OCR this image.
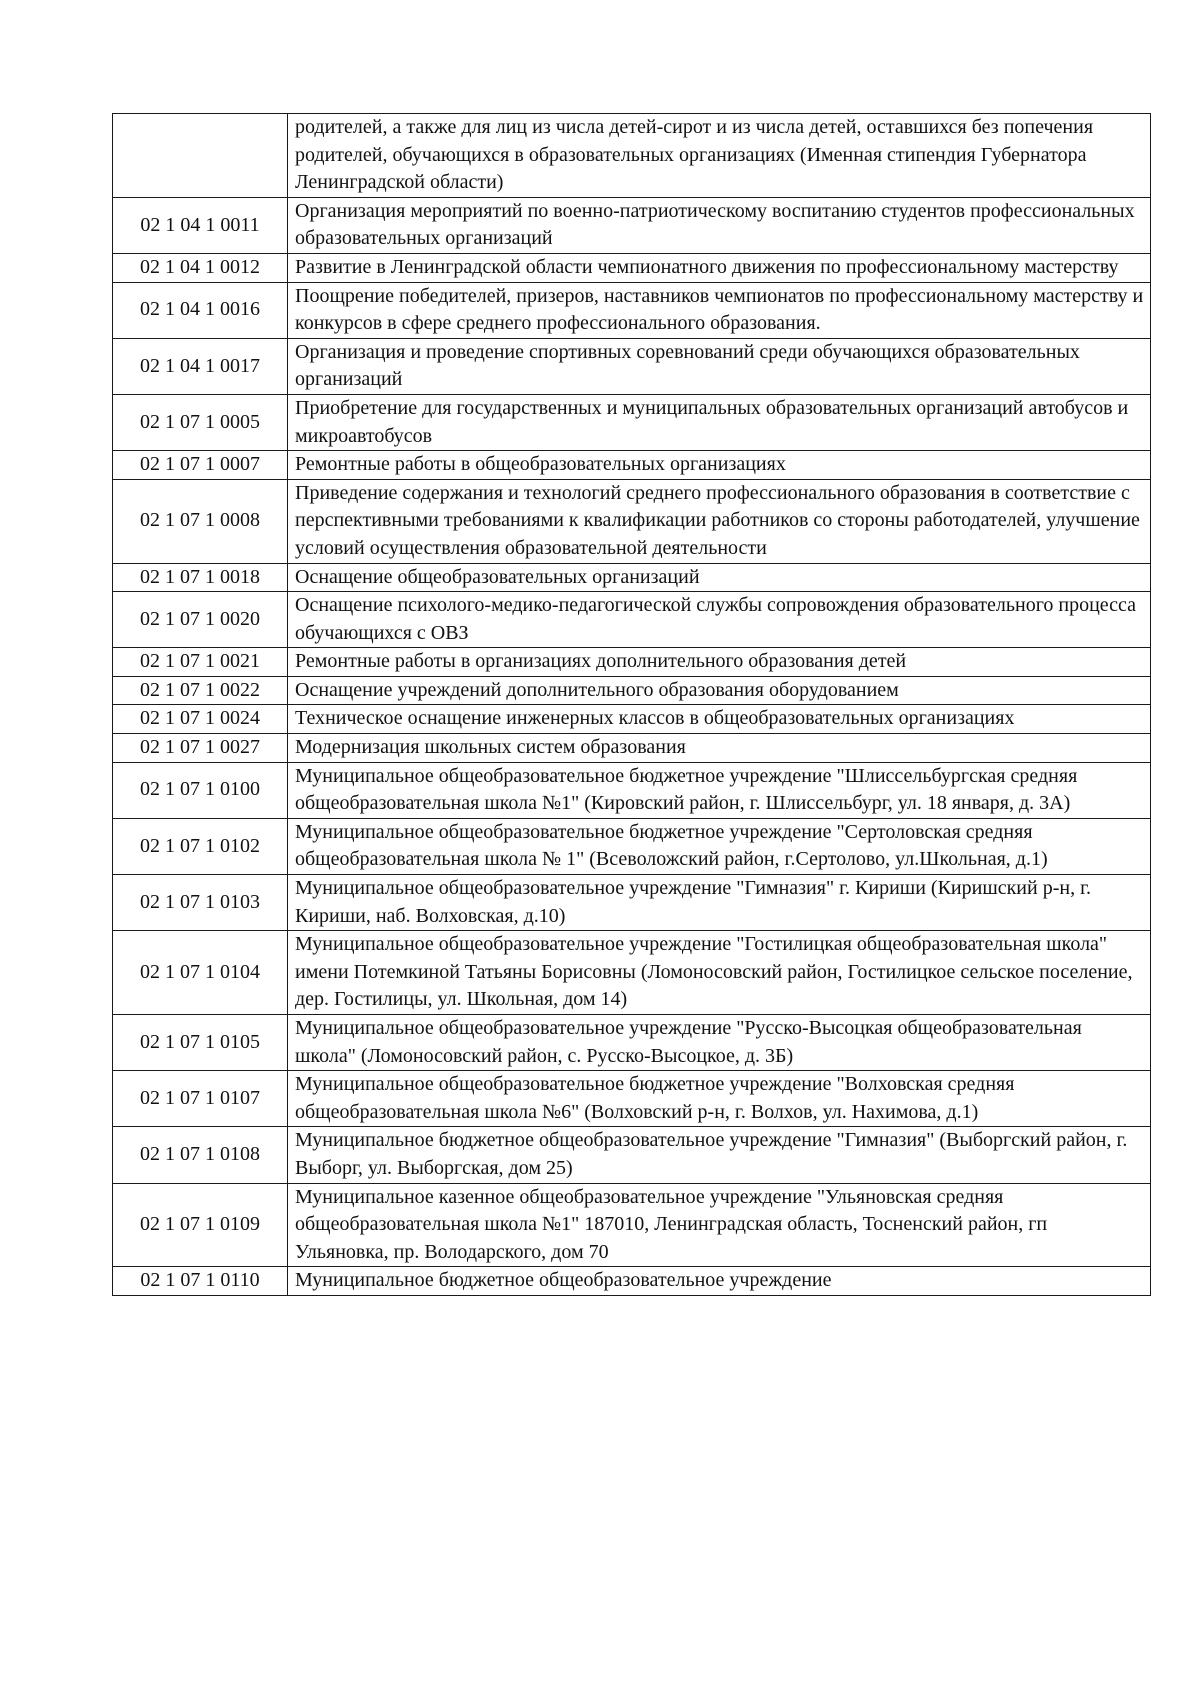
	родителей, а также для лиц из числа детей-сирот и из числа детей, оставшихся без попечения родителей, обучающихся в образовательных организациях (Именная стипендия Губернатора Ленинградской области)
02 1 04 1 0011	Организация мероприятий по военно-патриотическому воспитанию студентов профессиональных образовательных организаций
02 1 04 1 0012	Развитие в Ленинградской области чемпионатного движения по профессиональному мастерству
02 1 04 1 0016	Поощрение победителей, призеров, наставников чемпионатов по профессиональному мастерству и конкурсов в сфере среднего профессионального образования.
02 1 04 1 0017	Организация и проведение спортивных соревнований среди обучающихся образовательных организаций
02 1 07 1 0005	Приобретение для государственных и муниципальных образовательных организаций автобусов и микроавтобусов
02 1 07 1 0007	Ремонтные работы в общеобразовательных организациях
02 1 07 1 0008	Приведение содержания и технологий среднего профессионального образования в соответствие с перспективными требованиями к квалификации работников со стороны работодателей, улучшение условий осуществления образовательной деятельности
02 1 07 1 0018	Оснащение общеобразовательных организаций
02 1 07 1 0020	Оснащение психолого-медико-педагогической службы сопровождения образовательного процесса обучающихся с ОВЗ
02 1 07 1 0021	Ремонтные работы в организациях дополнительного образования детей
02 1 07 1 0022	Оснащение учреждений дополнительного образования оборудованием
02 1 07 1 0024	Техническое оснащение инженерных классов в общеобразовательных организациях
02 1 07 1 0027	Модернизация школьных систем образования
02 1 07 1 0100	Муниципальное общеобразовательное бюджетное учреждение "Шлиссельбургская средняя общеобразовательная школа №1" (Кировский район, г. Шлиссельбург, ул. 18 января, д. 3А)
02 1 07 1 0102	Муниципальное общеобразовательное бюджетное учреждение "Сертоловская средняя общеобразовательная школа № 1" (Всеволожский район, г.Сертолово, ул.Школьная, д.1)
02 1 07 1 0103	Муниципальное общеобразовательное учреждение "Гимназия" г. Кириши (Киришский р-н, г. Кириши, наб. Волховская, д.10)
02 1 07 1 0104	Муниципальное общеобразовательное учреждение "Гостилицкая общеобразовательная школа" имени Потемкиной Татьяны Борисовны (Ломоносовский район, Гостилицкое сельское поселение, дер. Гостилицы, ул. Школьная, дом 14)
02 1 07 1 0105	Муниципальное общеобразовательное учреждение "Русско-Высоцкая общеобразовательная школа" (Ломоносовский район, с. Русско-Высоцкое, д. 3Б)
02 1 07 1 0107	Муниципальное общеобразовательное бюджетное учреждение "Волховская средняя общеобразовательная школа №6" (Волховский р-н, г. Волхов, ул. Нахимова, д.1)
02 1 07 1 0108	Муниципальное бюджетное общеобразовательное учреждение "Гимназия" (Выборгский район, г. Выборг, ул. Выборгская, дом 25)
02 1 07 1 0109	Муниципальное казенное общеобразовательное учреждение "Ульяновская средняя общеобразовательная школа №1" 187010, Ленинградская область, Тосненский район, гп Ульяновка, пр. Володарского, дом 70
02 1 07 1 0110	Муниципальное бюджетное общеобразовательное учреждение
